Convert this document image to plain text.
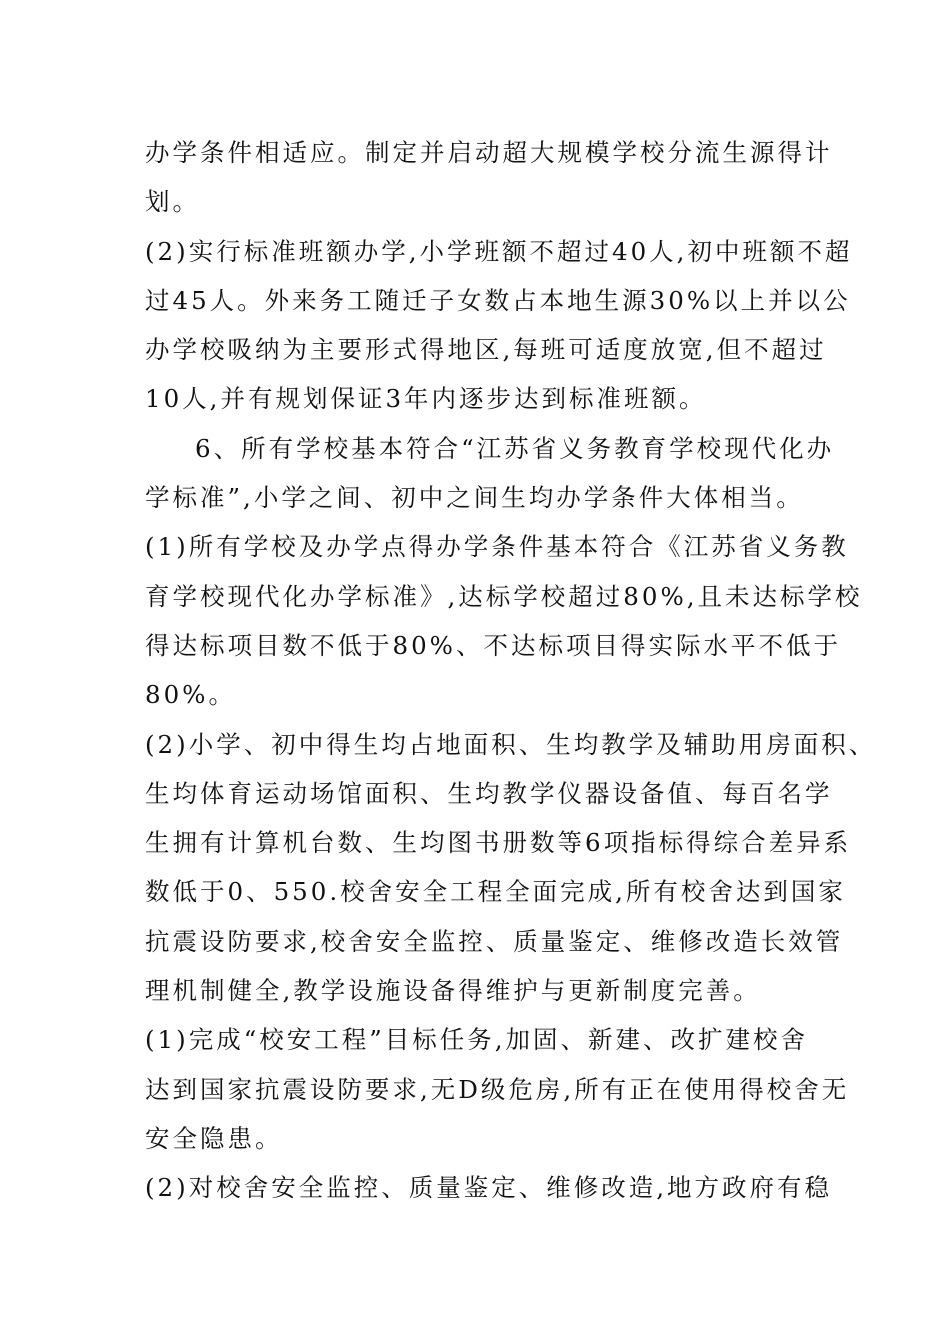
办学条件相适应。制定并启动超大规模学校分流生源得计
划。
(2)实行标准班额办学,小学班额不超过40人,初中班额不超
过45人。外来务工随迁子女数占本地生源30%以上并以公
办学校吸纳为主要形式得地区,每班可适度放宽,但不超过
10人,并有规划保证3年内逐步达到标准班额。
6、所有学校基本符合“江苏省义务教育学校现代化办
学标准”,小学之间、初中之间生均办学条件大体相当。
(1)所有学校及办学点得办学条件基本符合《江苏省义务教
育学校现代化办学标准》,达标学校超过80%,且未达标学校
得达标项目数不低于80%、不达标项目得实际水平不低于
80%。
(2)小学、初中得生均占地面积、生均教学及辅助用房面积、
生均体育运动场馆面积、生均教学仪器设备值、每百名学
生拥有计算机台数、生均图书册数等6项指标得综合差异系
数低于0、550.校舍安全工程全面完成,所有校舍达到国家
抗震设防要求,校舍安全监控、质量鉴定、维修改造长效管
理机制健全,教学设施设备得维护与更新制度完善。
(1)完成“校安工程”目标任务,加固、新建、改扩建校舍
达到国家抗震设防要求,无D级危房,所有正在使用得校舍无
安全隐患。
(2)对校舍安全监控、质量鉴定、维修改造,地方政府有稳
